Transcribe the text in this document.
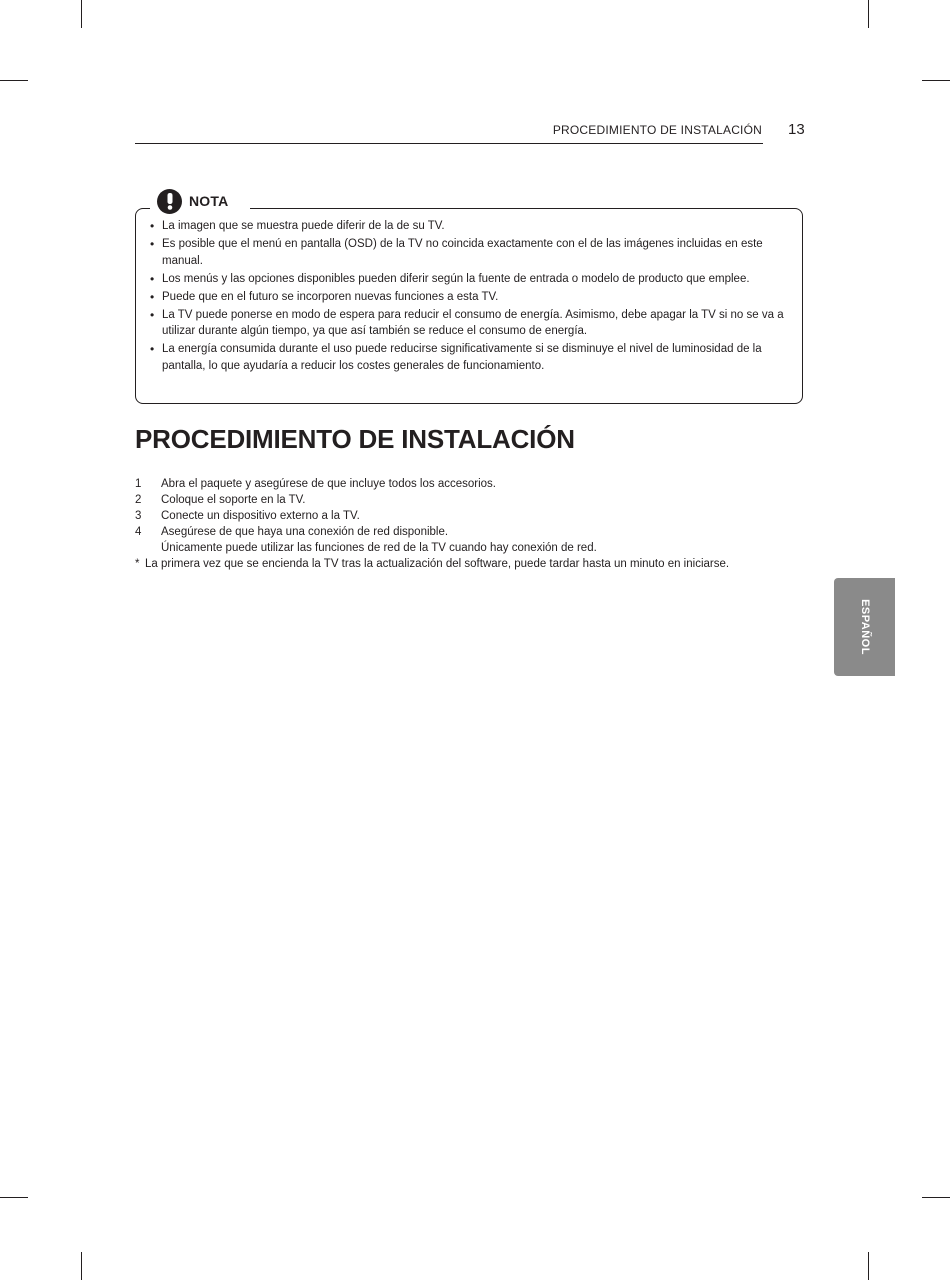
PROCEDIMIENTO DE INSTALACIÓN 13
NOTA
• La imagen que se muestra puede diferir de la de su TV.
• Es posible que el menú en pantalla (OSD) de la TV no coincida exactamente con el de las imágenes incluidas en este manual.
• Los menús y las opciones disponibles pueden diferir según la fuente de entrada o modelo de producto que emplee.
• Puede que en el futuro se incorporen nuevas funciones a esta TV.
• La TV puede ponerse en modo de espera para reducir el consumo de energía. Asimismo, debe apagar la TV si no se va a utilizar durante algún tiempo, ya que así también se reduce el consumo de energía.
• La energía consumida durante el uso puede reducirse significativamente si se disminuye el nivel de luminosidad de la pantalla, lo que ayudaría a reducir los costes generales de funcionamiento.
PROCEDIMIENTO DE INSTALACIÓN
1	Abra el paquete y asegúrese de que incluye todos los accesorios.
2	Coloque el soporte en la TV.
3	Conecte un dispositivo externo a la TV.
4	Asegúrese de que haya una conexión de red disponible.
Únicamente puede utilizar las funciones de red de la TV cuando hay conexión de red.
* La primera vez que se encienda la TV tras la actualización del software, puede tardar hasta un minuto en iniciarse.
ESPAÑOL
